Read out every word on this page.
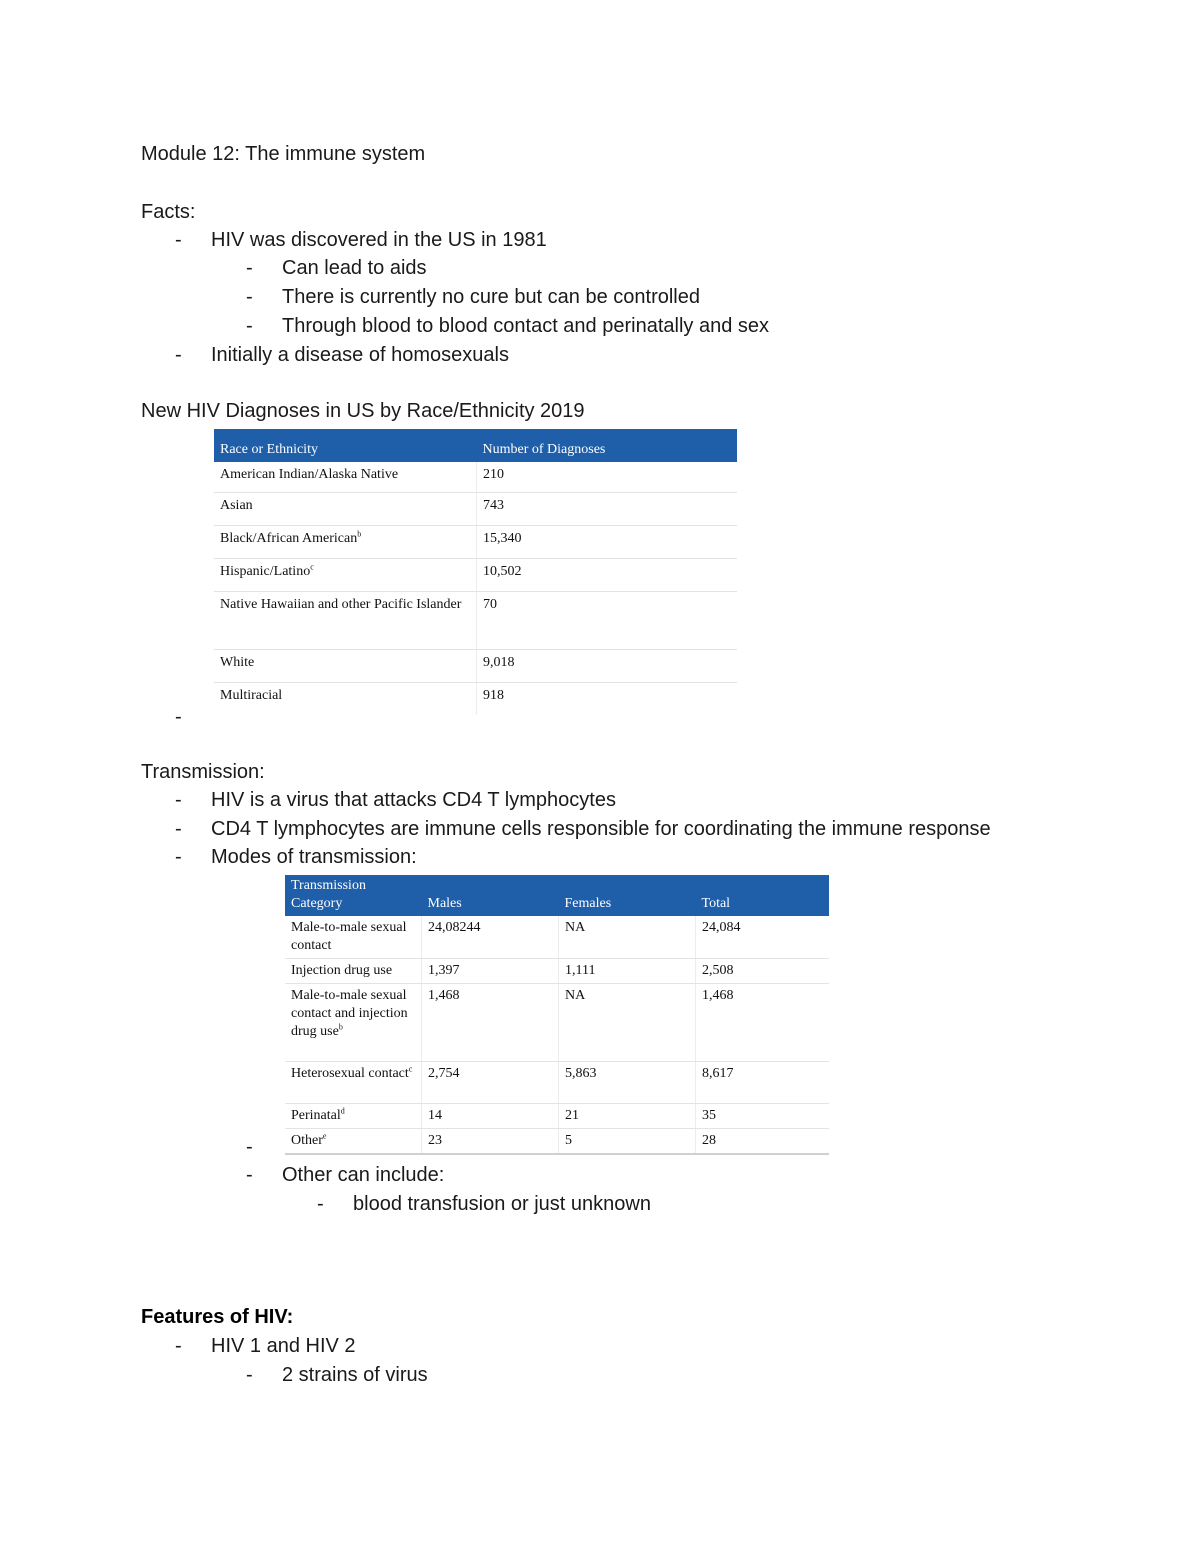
Module 12: The immune system
Facts:
- HIV was discovered in the US in 1981
- Can lead to aids
- There is currently no cure but can be controlled
- Through blood to blood contact and perinatally and sex
- Initially a disease of homosexuals
New HIV Diagnoses in US by Race/Ethnicity 2019
Race or Ethnicity	Number of Diagnoses
American Indian/Alaska Native	210
Asian	743
Black/African American$^b$	15,340
Hispanic/Latino$^c$	10,502
Native Hawaiian and other Pacific Islander	70
White	9,018
Multiracial	918
-
Transmission:
- HIV is a virus that attacks CD4 T lymphocytes
- CD4 T lymphocytes are immune cells responsible for coordinating the immune response
- Modes of transmission:
Transmission Category	Males	Females	Total
Male-to-male sexual contact	24,08244	NA	24,084
Injection drug use	1,397	1,111	2,508
Male-to-male sexual contact and injection drug use$^b$	1,468	NA	1,468
Heterosexual contact$^c$	2,754	5,863	8,617
Perinatal$^d$	14	21	35
Other$^e$	23	5	28
-
- Other can include:
- blood transfusion or just unknown
Features of HIV:
- HIV 1 and HIV 2
- 2 strains of virus
